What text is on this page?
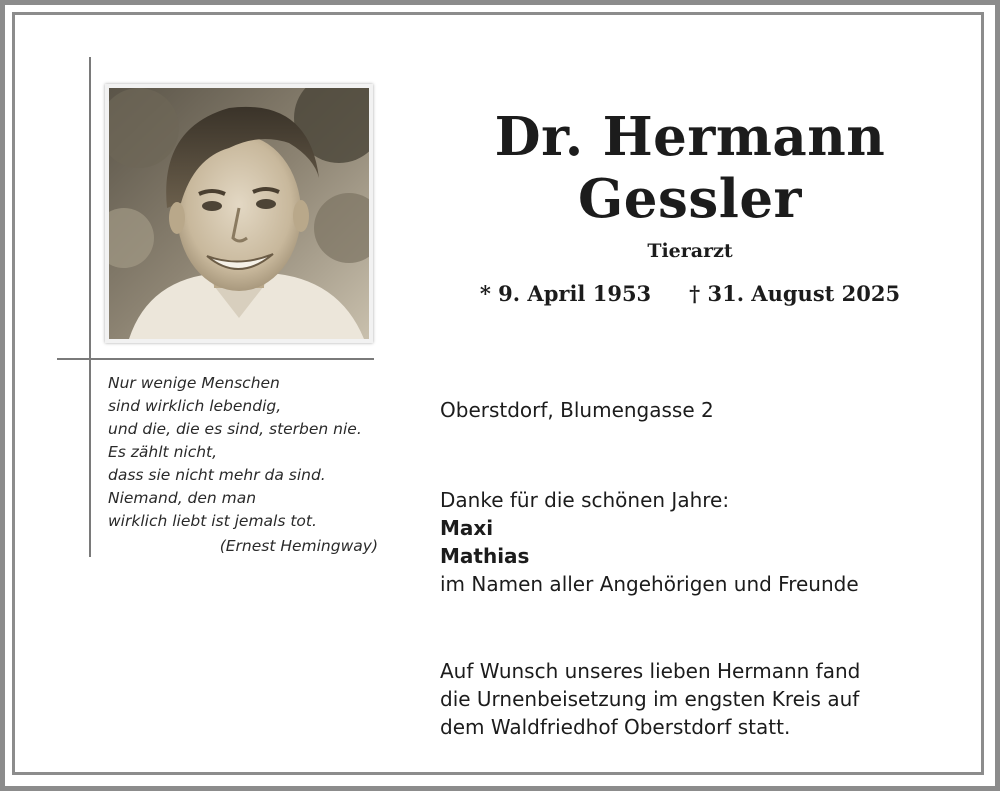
Nur wenige Menschen
sind wirklich lebendig,
und die, die es sind, sterben nie.
Es zählt nicht,
dass sie nicht mehr da sind.
Niemand, den man
wirklich liebt ist jemals tot.
(Ernest Hemingway)
Dr. Hermann
Gessler
Tierarzt
* 9. April 1953 † 31. August 2025
Oberstdorf, Blumengasse 2
Danke für die schönen Jahre:
Maxi
Mathias
im Namen aller Angehörigen und Freunde
Auf Wunsch unseres lieben Hermann fand
die Urnenbeisetzung im engsten Kreis auf
dem Waldfriedhof Oberstdorf statt.
